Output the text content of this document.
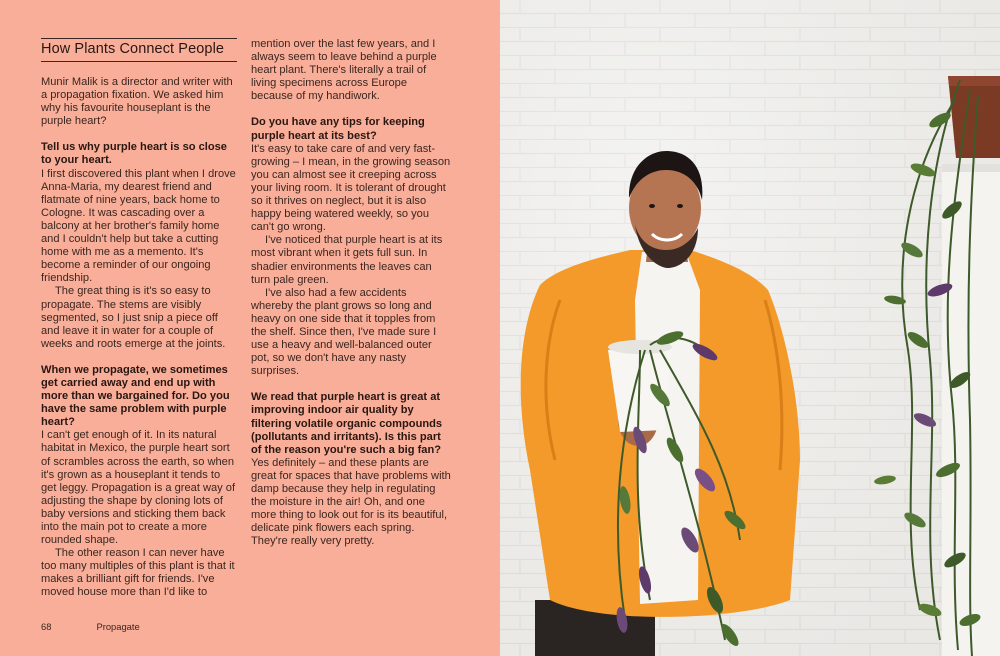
How Plants Connect People

Munir Malik is a director and writer with a propagation fixation. We asked him why his favourite houseplant is the purple heart?

Tell us why purple heart is so close to your heart.

I first discovered this plant when I drove Anna-Maria, my dearest friend and flatmate of nine years, back home to Cologne. It was cascading over a balcony at her brother's family home and I couldn't help but take a cutting home with me as a memento. It's become a reminder of our ongoing friendship.

The great thing is it's so easy to propagate. The stems are visibly segmented, so I just snip a piece off and leave it in water for a couple of weeks and roots emerge at the joints.

When we propagate, we sometimes get carried away and end up with more than we bargained for. Do you have the same problem with purple heart?

I can't get enough of it. In its natural habitat in Mexico, the purple heart sort of scrambles across the earth, so when it's grown as a houseplant it tends to get leggy. Propagation is a great way of adjusting the shape by cloning lots of baby versions and sticking them back into the main pot to create a more rounded shape.

The other reason I can never have too many multiples of this plant is that it makes a brilliant gift for friends. I've moved house more than I'd like to

mention over the last few years, and I always seem to leave behind a purple heart plant. There's literally a trail of living specimens across Europe because of my handiwork.

Do you have any tips for keeping purple heart at its best?

It's easy to take care of and very fast-growing – I mean, in the growing season you can almost see it creeping across your living room. It is tolerant of drought so it thrives on neglect, but it is also happy being watered weekly, so you can't go wrong.

I've noticed that purple heart is at its most vibrant when it gets full sun. In shadier environments the leaves can turn pale green.

I've also had a few accidents whereby the plant grows so long and heavy on one side that it topples from the shelf. Since then, I've made sure I use a heavy and well-balanced outer pot, so we don't have any nasty surprises.

We read that purple heart is great at improving indoor air quality by filtering volatile organic compounds (pollutants and irritants). Is this part of the reason you're such a big fan?

Yes definitely – and these plants are great for spaces that have problems with damp because they help in regulating the moisture in the air! Oh, and one more thing to look out for is its beautiful, delicate pink flowers each spring. They're really very pretty.

68	Propagate
